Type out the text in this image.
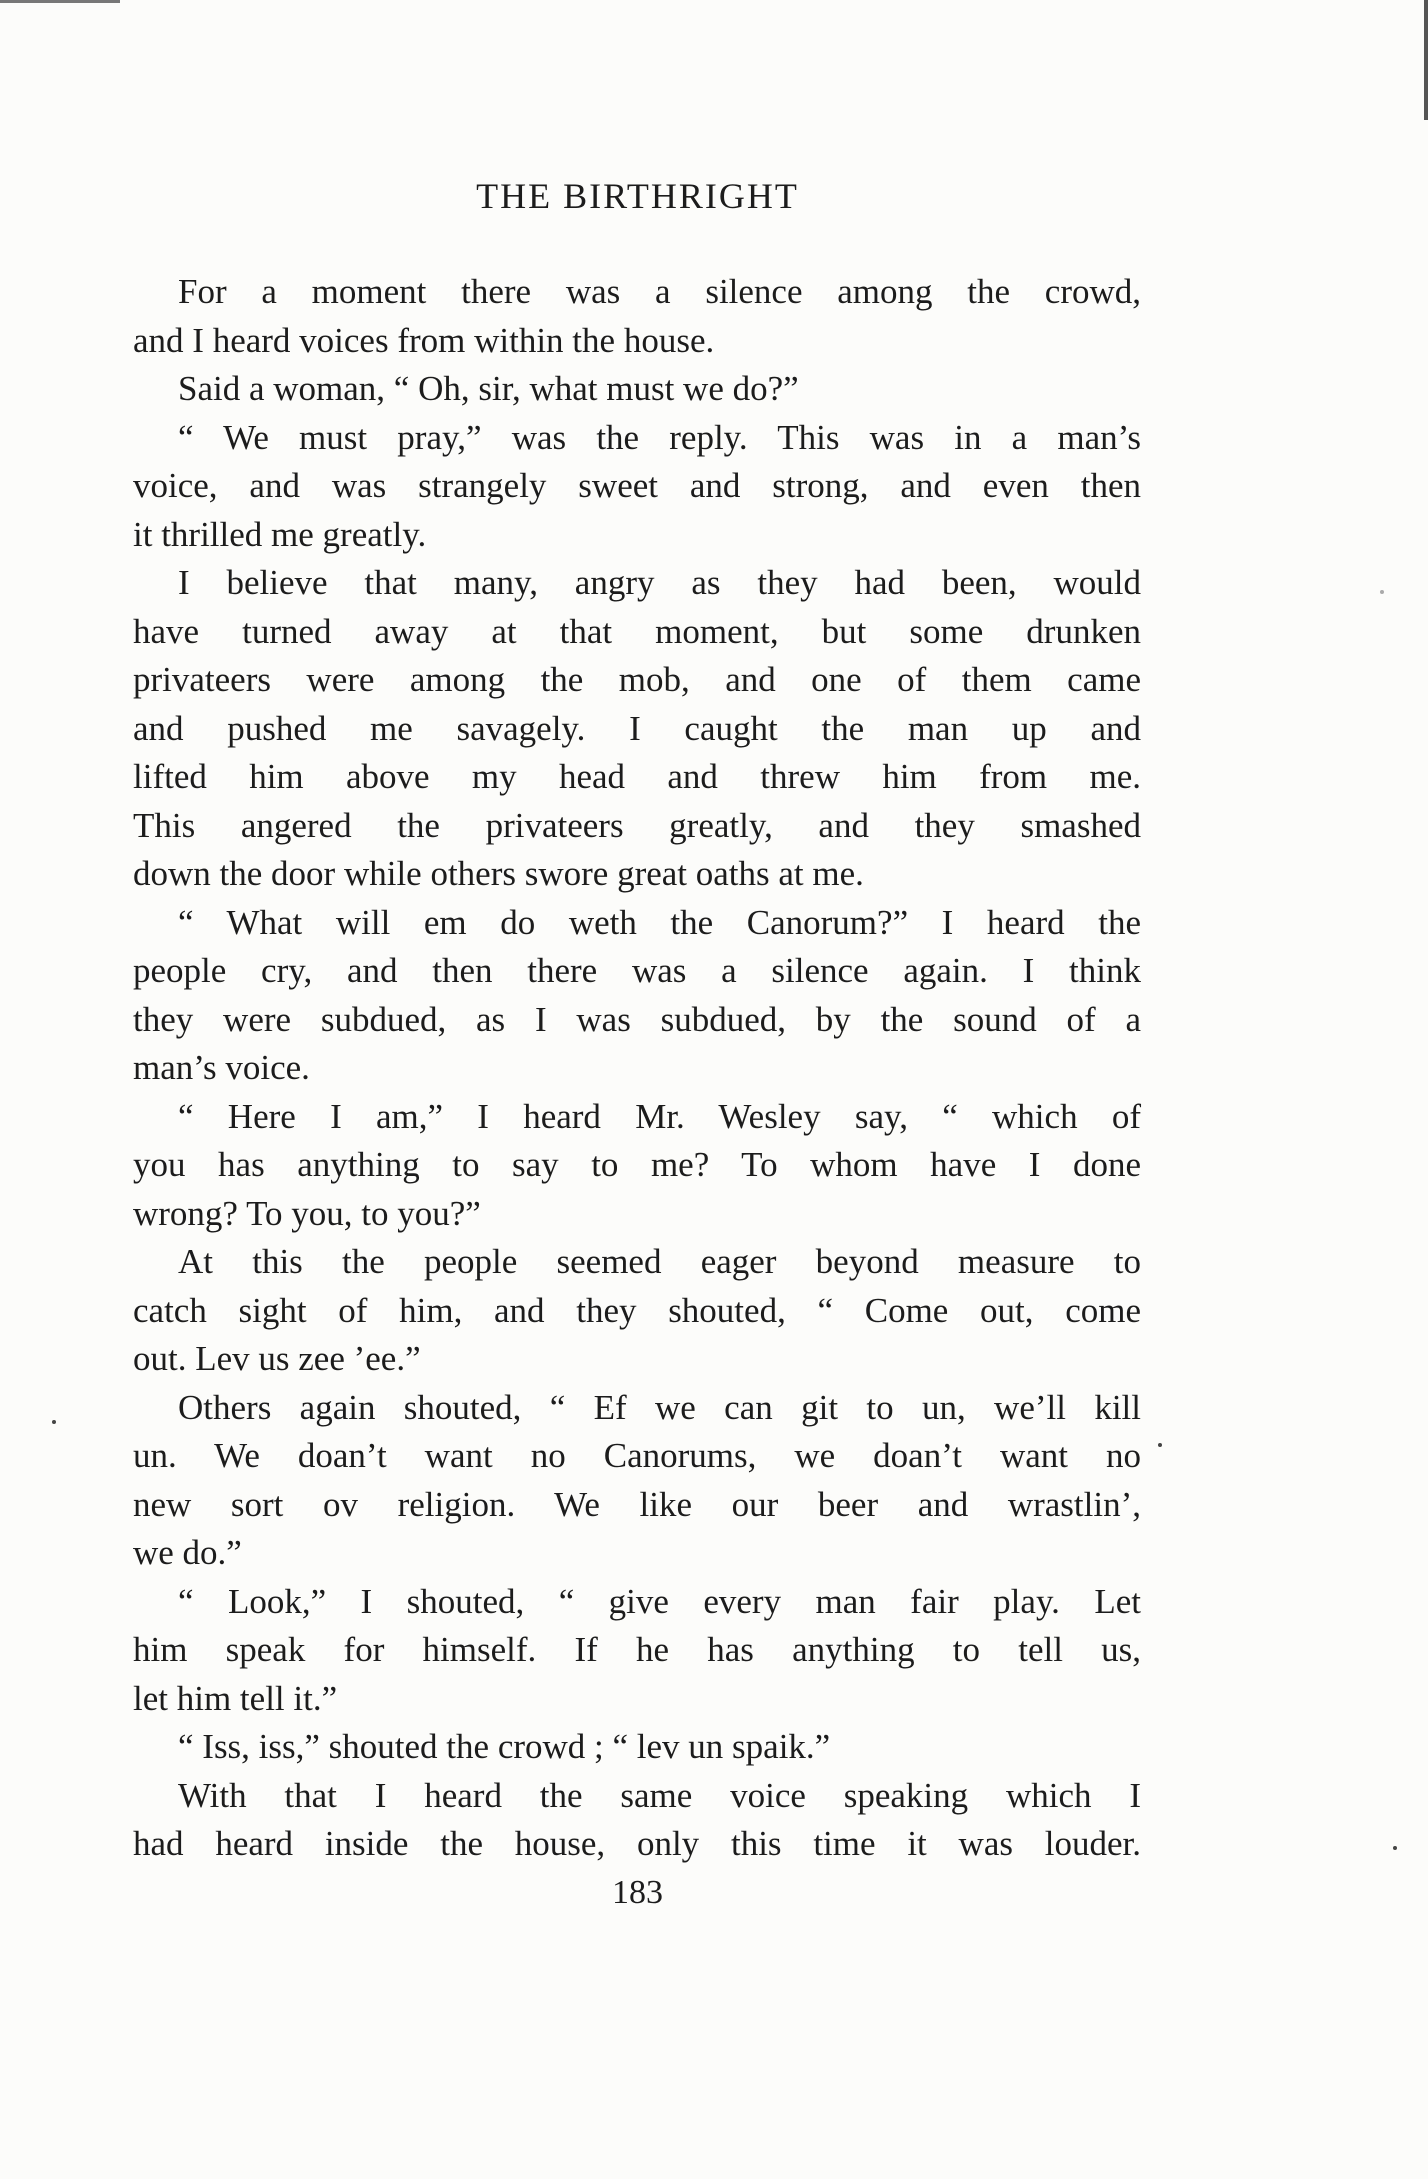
THE BIRTHRIGHT

For a moment there was a silence among the crowd,
and I heard voices from within the house.

Said a woman, “ Oh, sir, what must we do?”

“ We must pray,” was the reply. This was in a man’s
voice, and was strangely sweet and strong, and even then
it thrilled me greatly.

I believe that many, angry as they had been, would
have turned away at that moment, but some drunken
privateers were among the mob, and one of them came
and pushed me savagely. I caught the man up and
lifted him above my head and threw him from me.
This angered the privateers greatly, and they smashed
down the door while others swore great oaths at me.

“ What will em do weth the Canorum?” I heard the
people cry, and then there was a silence again. I think
they were subdued, as I was subdued, by the sound of a
man’s voice.

“ Here I am,” I heard Mr. Wesley say, “ which of
you has anything to say to me? To whom have I done
wrong? To you, to you?”

At this the people seemed eager beyond measure to
catch sight of him, and they shouted, “ Come out, come
out. Lev us zee ’ee.”

Others again shouted, “ Ef we can git to un, we’ll kill
un. We doan’t want no Canorums, we doan’t want no
new sort ov religion. We like our beer and wrastlin’,
we do.”

“ Look,” I shouted, “ give every man fair play. Let
him speak for himself. If he has anything to tell us,
let him tell it.”

“ Iss, iss,” shouted the crowd ; “ lev un spaik.”

With that I heard the same voice speaking which I
had heard inside the house, only this time it was louder.

183
